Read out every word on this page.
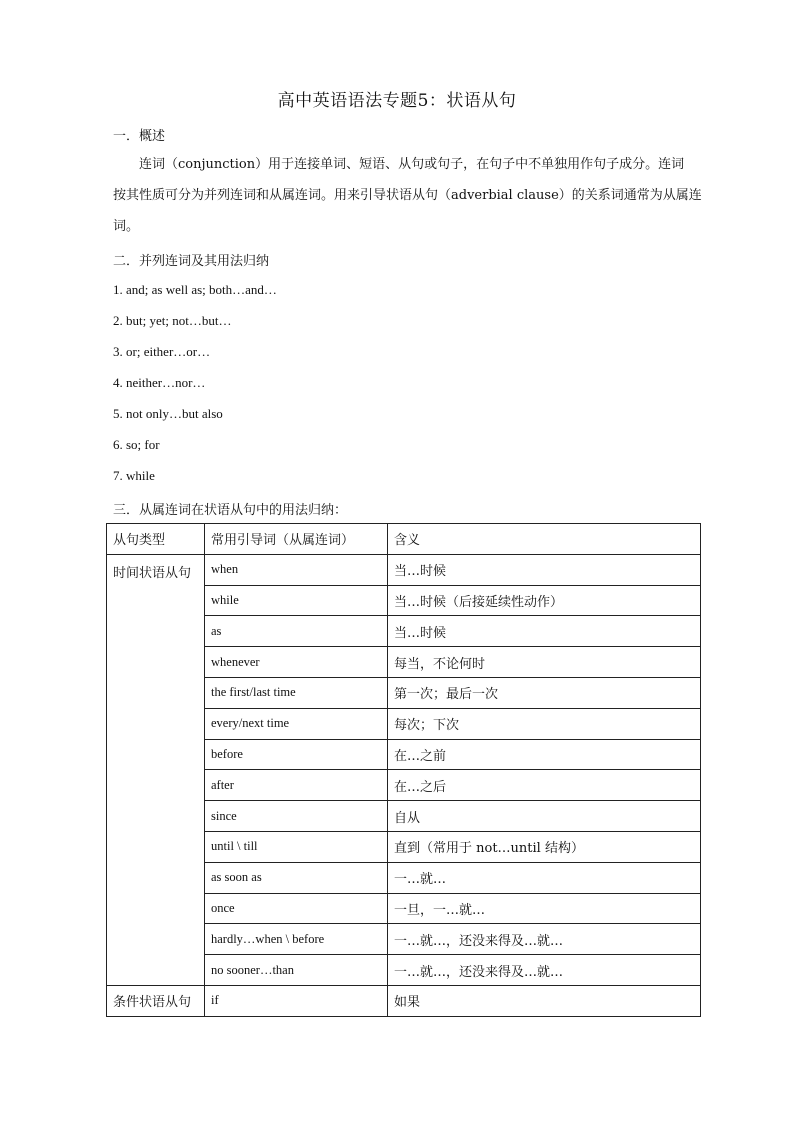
高中英语语法专题5：状语从句
一．概述
连词（conjunction）用于连接单词、短语、从句或句子，在句子中不单独用作句子成分。连词
按其性质可分为并列连词和从属连词。用来引导状语从句（adverbial clause）的关系词通常为从属连
词。
二．并列连词及其用法归纳
1. and; as well as; both…and…
2. but; yet; not…but…
3. or; either…or…
4. neither…nor…
5. not only…but also
6. so; for
7. while
三．从属连词在状语从句中的用法归纳：
从句类型	常用引导词（从属连词）	含义
时间状语从句	when	当…时候
	while	当…时候（后接延续性动作）
	as	当…时候
	whenever	每当，不论何时
	the first/last time	第一次；最后一次
	every/next time	每次；下次
	before	在…之前
	after	在…之后
	since	自从
	until \ till	直到（常用于 not…until 结构）
	as soon as	一…就…
	once	一旦，一…就…
	hardly…when \ before	一…就…，还没来得及…就…
	no sooner…than	一…就…，还没来得及…就…
条件状语从句	if	如果
